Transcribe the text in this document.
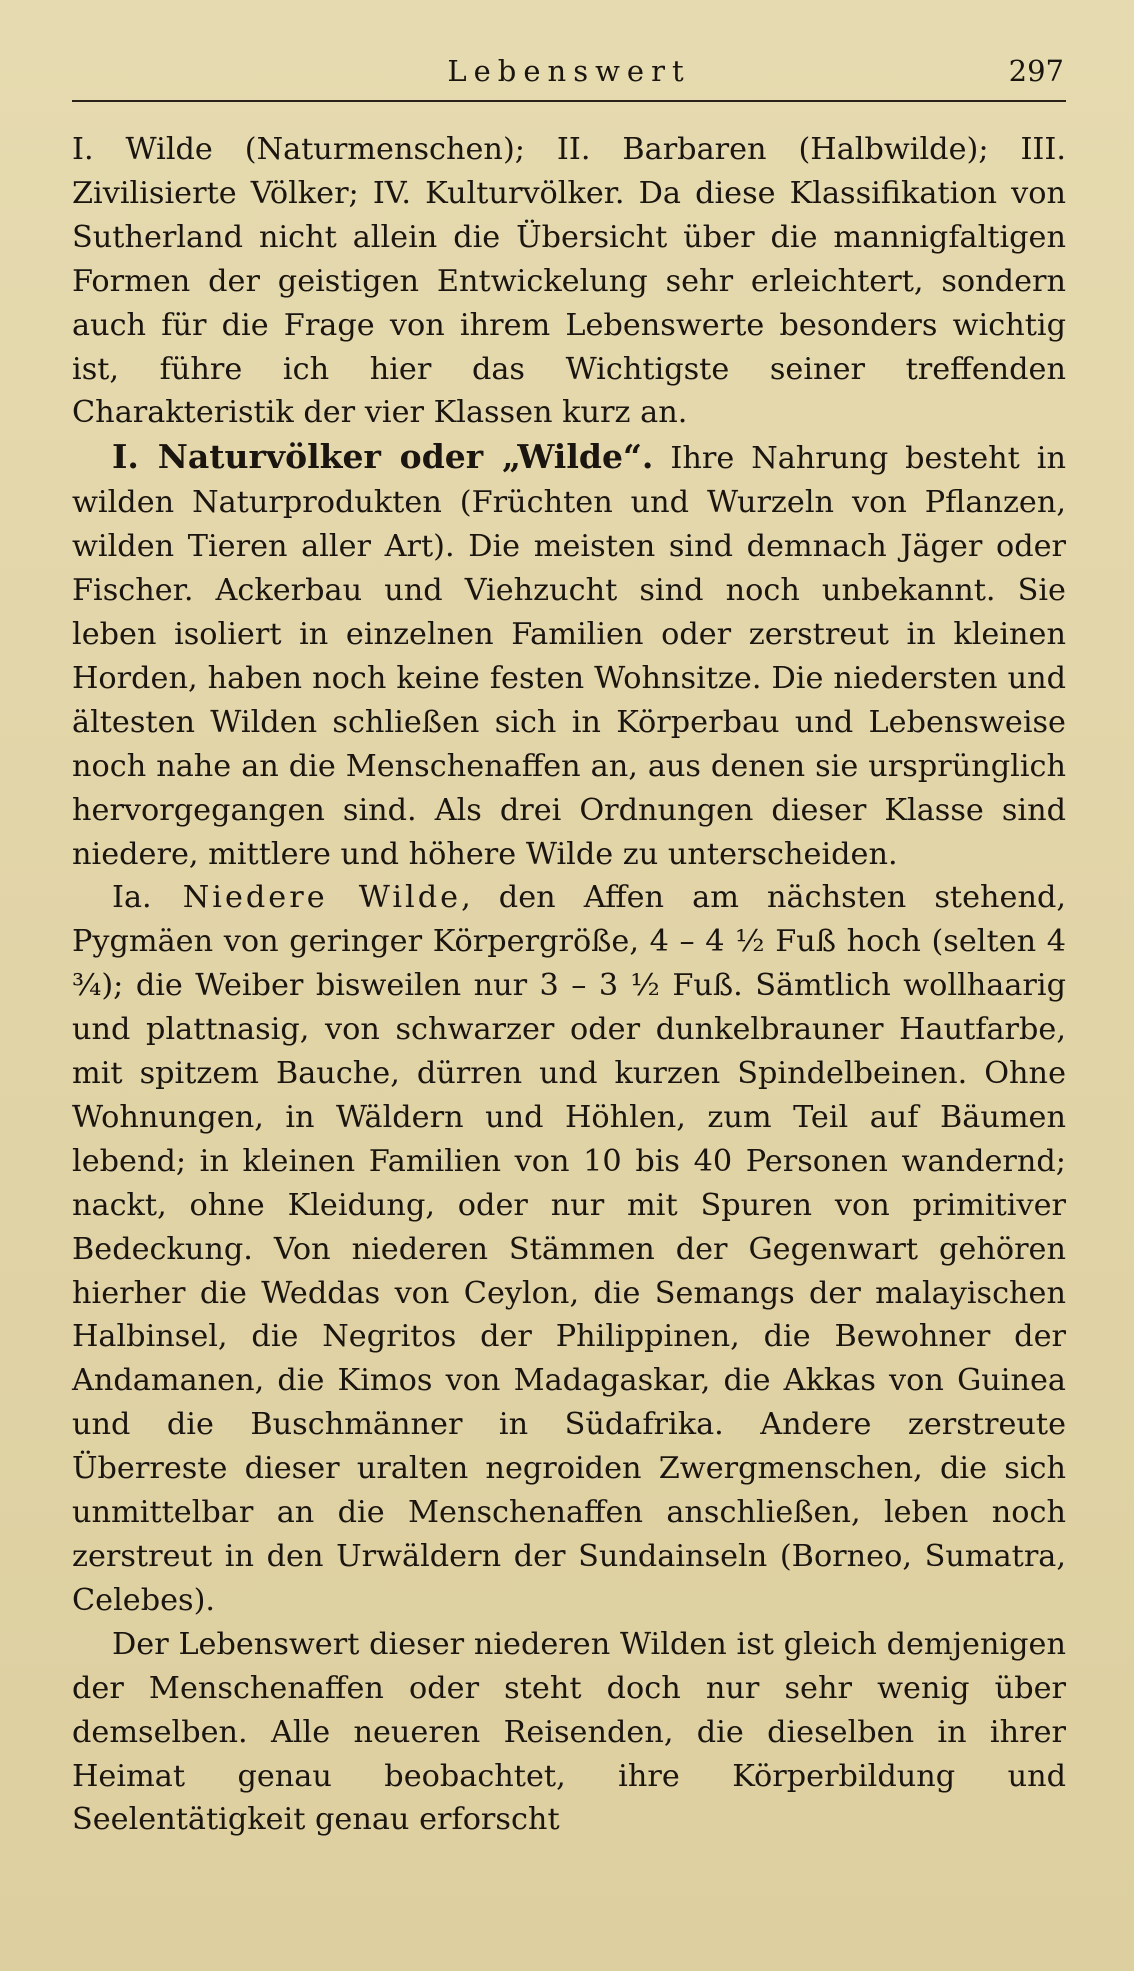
Lebenswert	297

I. Wilde (Naturmenschen); II. Barbaren (Halbwilde); III. Zivilisierte Völker; IV. Kulturvölker. Da diese Klassifikation von Sutherland nicht allein die Übersicht über die mannigfaltigen Formen der geistigen Entwickelung sehr erleichtert, sondern auch für die Frage von ihrem Lebenswerte besonders wichtig ist, führe ich hier das Wichtigste seiner treffenden Charakteristik der vier Klassen kurz an.

I. Naturvölker oder „Wilde“. Ihre Nahrung besteht in wilden Naturprodukten (Früchten und Wurzeln von Pflanzen, wilden Tieren aller Art). Die meisten sind demnach Jäger oder Fischer. Ackerbau und Viehzucht sind noch unbekannt. Sie leben isoliert in einzelnen Familien oder zerstreut in kleinen Horden, haben noch keine festen Wohnsitze. Die niedersten und ältesten Wilden schließen sich in Körperbau und Lebensweise noch nahe an die Menschenaffen an, aus denen sie ursprünglich hervorgegangen sind. Als drei Ordnungen dieser Klasse sind niedere, mittlere und höhere Wilde zu unterscheiden.

Ia. Niedere Wilde, den Affen am nächsten stehend, Pygmäen von geringer Körpergröße, 4 – 4 ½ Fuß hoch (selten 4 ¾); die Weiber bisweilen nur 3 – 3 ½ Fuß. Sämtlich wollhaarig und plattnasig, von schwarzer oder dunkelbrauner Hautfarbe, mit spitzem Bauche, dürren und kurzen Spindelbeinen. Ohne Wohnungen, in Wäldern und Höhlen, zum Teil auf Bäumen lebend; in kleinen Familien von 10 bis 40 Personen wandernd; nackt, ohne Kleidung, oder nur mit Spuren von primitiver Bedeckung. Von niederen Stämmen der Gegenwart gehören hierher die Weddas von Ceylon, die Semangs der malayischen Halbinsel, die Negritos der Philippinen, die Bewohner der Andamanen, die Kimos von Madagaskar, die Akkas von Guinea und die Buschmänner in Südafrika. Andere zerstreute Überreste dieser uralten negroiden Zwergmenschen, die sich unmittelbar an die Menschenaffen anschließen, leben noch zerstreut in den Urwäldern der Sundainseln (Borneo, Sumatra, Celebes).

Der Lebenswert dieser niederen Wilden ist gleich demjenigen der Menschenaffen oder steht doch nur sehr wenig über demselben. Alle neueren Reisenden, die dieselben in ihrer Heimat genau beobachtet, ihre Körperbildung und Seelentätigkeit genau erforscht
